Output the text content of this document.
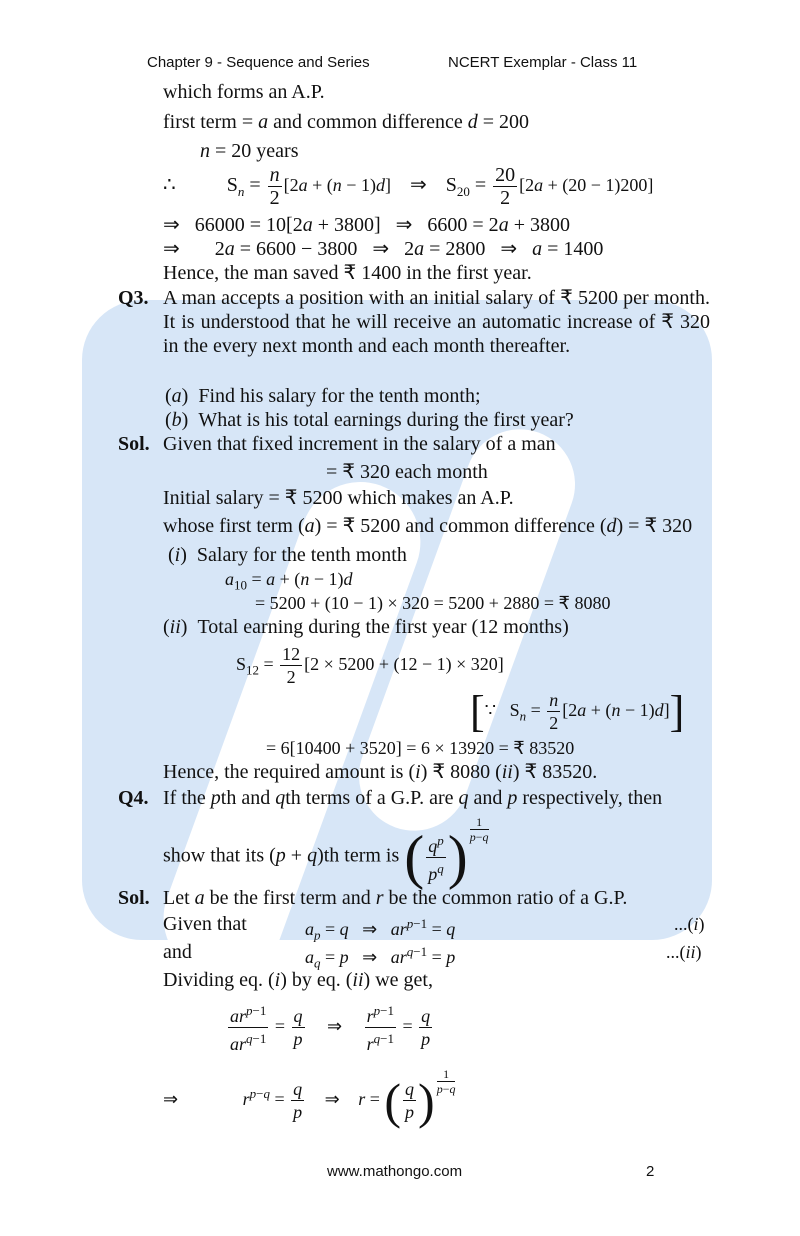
Chapter 9 - Sequence and Series	NCERT Exemplar - Class 11
which forms an A.P.
first term = a and common difference d = 200
n = 20 years
∴	$S_n = \frac{n}{2} [2a + (n - 1)d]$ ⇒ $S_{20} = \frac{20}{2} [2a + (20 - 1)200]$
⇒   66000 = 10[2a + 3800]   ⇒   6600 = 2a + 3800
⇒       2a = 6600 − 3800   ⇒   2a = 2800   ⇒   a = 1400
Hence, the man saved ₹ 1400 in the first year.
Q3. A man accepts a position with an initial salary of ₹ 5200 per month. It is understood that he will receive an automatic increase of ₹ 320 in the every next month and each month thereafter.
(a)  Find his salary for the tenth month;
(b)  What is his total earnings during the first year?
Sol. Given that fixed increment in the salary of a man
= ₹ 320 each month
Initial salary = ₹ 5200 which makes an A.P.
whose first term (a) = ₹ 5200 and common difference (d) = ₹ 320
(i)  Salary for the tenth month
$a_{10} = a + (n - 1)d$
= 5200 + (10 − 1) × 320 = 5200 + 2880 = ₹ 8080
(ii)  Total earning during the first year (12 months)
$S_{12} = \frac{12}{2} [2 \times 5200 + (12 - 1) \times 320]$
[∵   $S_n = \frac{n}{2} [2a + (n - 1)d]$]
= 6[10400 + 3520] = 6 × 13920 = ₹ 83520
Hence, the required amount is (i) ₹ 8080 (ii) ₹ 83520.
Q4. If the pth and qth terms of a G.P. are q and p respectively, then
show that its (p + q)th term is ( $\frac{q^p}{p^q}$ ) $^{\frac{1}{p-q}}$
Sol. Let a be the first term and r be the common ratio of a G.P.
Given that	$a_p = q$   ⇒   $ar^{p-1} = q$	...(i)
and	$a_q = p$   ⇒   $ar^{q-1} = p$	...(ii)
Dividing eq. (i) by eq. (ii) we get,
$\frac{ar^{p-1}}{ar^{q-1}} = \frac{q}{p}$ ⇒ $\frac{r^{p-1}}{r^{q-1}} = \frac{q}{p}$
⇒	$r^{p-q} = \frac{q}{p}$ ⇒ r = ( $\frac{q}{p}$ ) $^{\frac{1}{p-q}}$
www.mathongo.com	2
